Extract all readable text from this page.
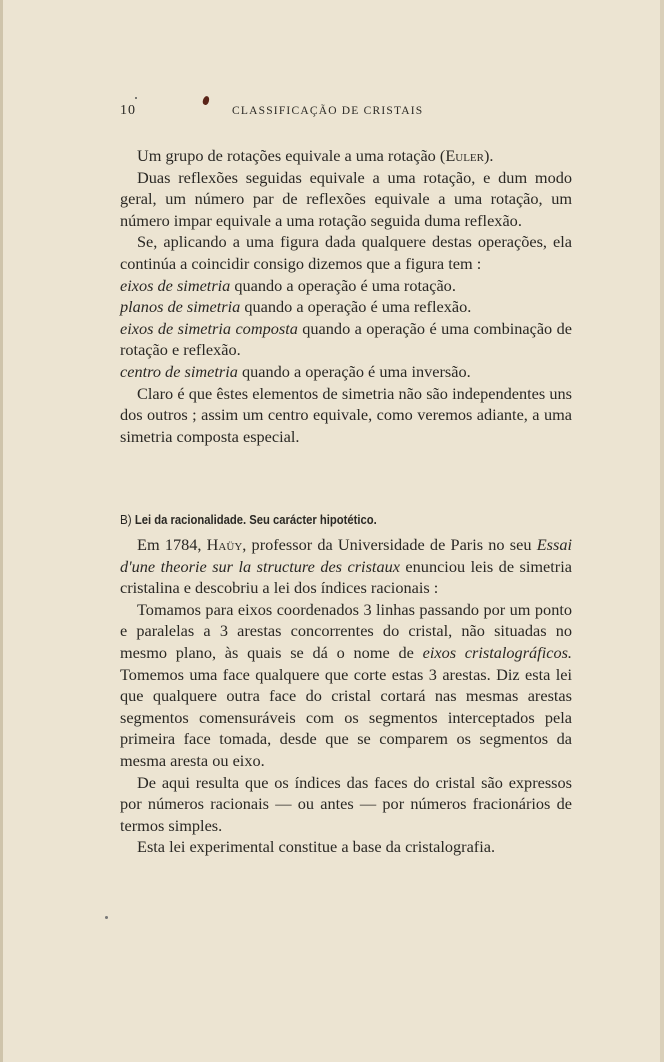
10	CLASSIFICAÇÃO DE CRISTAIS

Um grupo de rotações equivale a uma rotação (Euler).

Duas reflexões seguidas equivale a uma rotação, e dum modo geral, um número par de reflexões equivale a uma rotação, um número impar equivale a uma rotação seguida duma reflexão.

Se, aplicando a uma figura dada qualquere destas operações, ela continúa a coincidir consigo dizemos que a figura tem :

eixos de simetria quando a operação é uma rotação.

planos de simetria quando a operação é uma reflexão.

eixos de simetria composta quando a operação é uma combinação de rotação e reflexão.

centro de simetria quando a operação é uma inversão.

Claro é que êstes elementos de simetria não são independentes uns dos outros ; assim um centro equivale, como veremos adiante, a uma simetria composta especial.

B) Lei da racionalidade. Seu carácter hipotético.

Em 1784, Haüy, professor da Universidade de Paris no seu Essai d'une theorie sur la structure des cristaux enunciou leis de simetria cristalina e descobriu a lei dos índices racionais :

Tomamos para eixos coordenados 3 linhas passando por um ponto e paralelas a 3 arestas concorrentes do cristal, não situadas no mesmo plano, às quais se dá o nome de eixos cristalográficos. Tomemos uma face qualquere que corte estas 3 arestas. Diz esta lei que qualquere outra face do cristal cortará nas mesmas arestas segmentos comensuráveis com os segmentos interceptados pela primeira face tomada, desde que se comparem os segmentos da mesma aresta ou eixo.

De aqui resulta que os índices das faces do cristal são expressos por números racionais — ou antes — por números fracionários de termos simples.

Esta lei experimental constitue a base da cristalografia.
